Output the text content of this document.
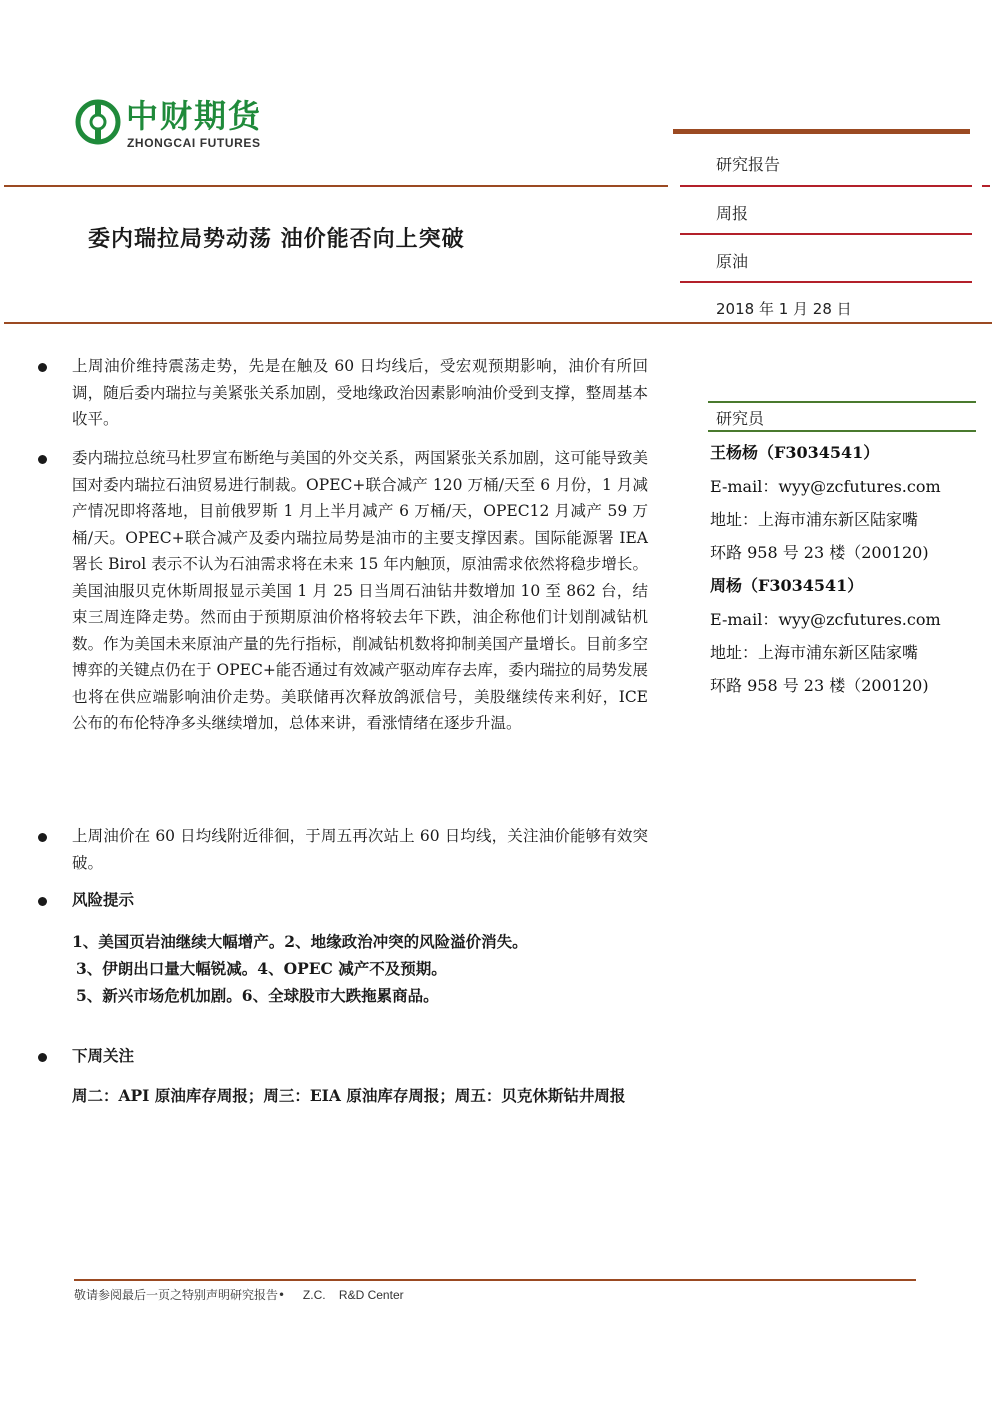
中财期货
ZHONGCAI FUTURES
研究报告
周报
原油
2018 年 1 月 28 日
委内瑞拉局势动荡 油价能否向上突破
上周油价维持震荡走势，先是在触及 60 日均线后，受宏观预期影响，油价有所回调，随后委内瑞拉与美紧张关系加剧，受地缘政治因素影响油价受到支撑，整周基本收平。
委内瑞拉总统马杜罗宣布断绝与美国的外交关系，两国紧张关系加剧，这可能导致美国对委内瑞拉石油贸易进行制裁。OPEC+联合减产 120 万桶/天至 6 月份，1 月减产情况即将落地，目前俄罗斯 1 月上半月减产 6 万桶/天，OPEC12 月减产 59 万桶/天。OPEC+联合减产及委内瑞拉局势是油市的主要支撑因素。国际能源署 IEA 署长 Birol 表示不认为石油需求将在未来 15 年内触顶，原油需求依然将稳步增长。美国油服贝克休斯周报显示美国 1 月 25 日当周石油钻井数增加 10 至 862 台，结束三周连降走势。然而由于预期原油价格将较去年下跌，油企称他们计划削减钻机数。作为美国未来原油产量的先行指标，削减钻机数将抑制美国产量增长。目前多空博弈的关键点仍在于 OPEC+能否通过有效减产驱动库存去库，委内瑞拉的局势发展也将在供应端影响油价走势。美联储再次释放鸽派信号，美股继续传来利好，ICE 公布的布伦特净多头继续增加，总体来讲，看涨情绪在逐步升温。
上周油价在 60 日均线附近徘徊，于周五再次站上 60 日均线，关注油价能够有效突破。
风险提示
1、美国页岩油继续大幅增产。2、地缘政治冲突的风险溢价消失。
3、伊朗出口量大幅锐减。4、OPEC 减产不及预期。
5、新兴市场危机加剧。6、全球股市大跌拖累商品。
下周关注
周二：API 原油库存周报；周三：EIA 原油库存周报；周五：贝克休斯钻井周报
研究员
王杨杨（F3034541）
E-mail：wyy@zcfutures.com
地址：上海市浦东新区陆家嘴
环路 958 号 23 楼（200120)
周杨（F3034541）
E-mail：wyy@zcfutures.com
地址：上海市浦东新区陆家嘴
环路 958 号 23 楼（200120)
敬请参阅最后一页之特别声明研究报告• Z.C.    R&D Center
